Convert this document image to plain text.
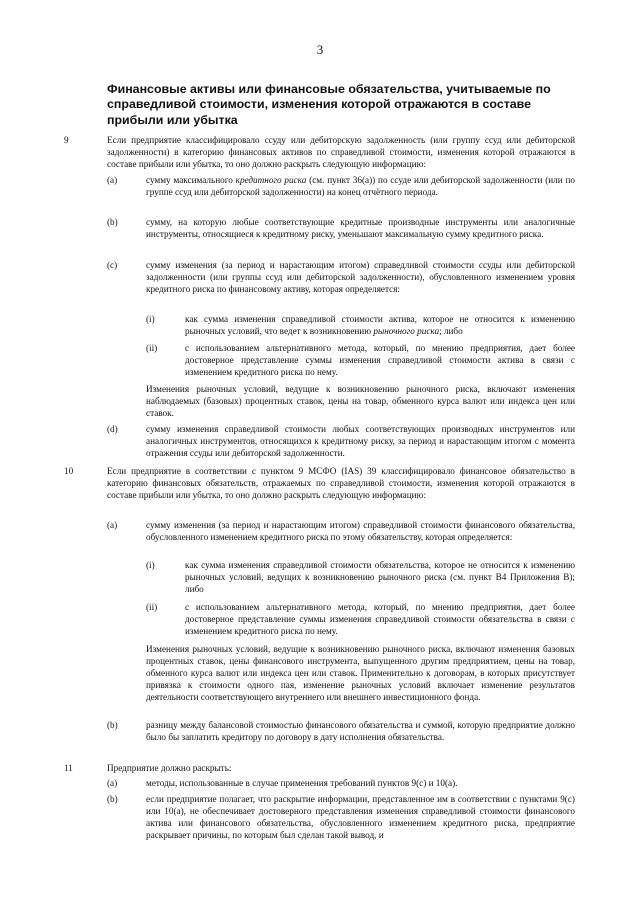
3
Финансовые активы или финансовые обязательства, учитываемые по справедливой стоимости, изменения которой отражаются в составе прибыли или убытка
9	Если предприятие классифицировало ссуду или дебиторскую задолженность (или группу ссуд или дебиторской задолженности) в категорию финансовых активов по справедливой стоимости, изменения которой отражаются в составе прибыли или убытка, то оно должно раскрыть следующую информацию:
(a)	сумму максимального кредитного риска (см. пункт 36(a)) по ссуде или дебиторской задолженности (или по группе ссуд или дебиторской задолженности) на конец отчётного периода.
(b)	сумму, на которую любые соответствующие кредитные производные инструменты или аналогичные инструменты, относящиеся к кредитному риску, уменьшают максимальную сумму кредитного риска.
(c)	сумму изменения (за период и нарастающим итогом) справедливой стоимости ссуды или дебиторской задолженности (или группы ссуд или дебиторской задолженности), обусловленного изменением уровня кредитного риска по финансовому активу, которая определяется:
(i)	как сумма изменения справедливой стоимости актива, которое не относится к изменению рыночных условий, что ведет к возникновению рыночного риска; либо
(ii)	с использованием альтернативного метода, который, по мнению предприятия, дает более достоверное представление суммы изменения справедливой стоимости актива в связи с изменением кредитного риска по нему.
Изменения рыночных условий, ведущие к возникновению рыночного риска, включают изменения наблюдаемых (базовых) процентных ставок, цены на товар, обменного курса валют или индекса цен или ставок.
(d)	сумму изменения справедливой стоимости любых соответствующих производных инструментов или аналогичных инструментов, относящихся к кредитному риску, за период и нарастающим итогом с момента отражения ссуды или дебиторской задолженности.
10	Если предприятие в соответствии с пунктом 9 МСФО (IAS) 39 классифицировало финансовое обязательство в категорию финансовых обязательств, отражаемых по справедливой стоимости, изменения которой отражаются в составе прибыли или убытка, то оно должно раскрыть следующую информацию:
(a)	сумму изменения (за период и нарастающим итогом) справедливой стоимости финансового обязательства, обусловленного изменением кредитного риска по этому обязательству, которая определяется:
(i)	как сумма изменения справедливой стоимости обязательства, которое не относится к изменению рыночных условий, ведущих к возникновению рыночного риска (см. пункт В4 Приложения В); либо
(ii)	с использованием альтернативного метода, который, по мнению предприятия, дает более достоверное представление суммы изменения справедливой стоимости обязательства в связи с изменением кредитного риска по нему.
Изменения рыночных условий, ведущие к возникновению рыночного риска, включают изменения базовых процентных ставок, цены финансового инструмента, выпущенного другим предприятием, цены на товар, обменного курса валют или индекса цен или ставок. Применительно к договорам, в которых присутствует привязка к стоимости одного пая, изменение рыночных условий включает изменение результатов деятельности соответствующего внутреннего или внешнего инвестиционного фонда.
(b)	разницу между балансовой стоимостью финансового обязательства и суммой, которую предприятие должно было бы заплатить кредитору по договору в дату исполнения обязательства.
11	Предприятие должно раскрыть:
(a)	методы, использованные в случае применения требований пунктов 9(с) и 10(a).
(b)	если предприятие полагает, что раскрытие информации, представленное им в соответствии с пунктами 9(с) или 10(a), не обеспечивает достоверного представления изменения справедливой стоимости финансового актива или финансового обязательства, обусловленного изменением кредитного риска, предприятие раскрывает причины, по которым был сделан такой вывод, и
